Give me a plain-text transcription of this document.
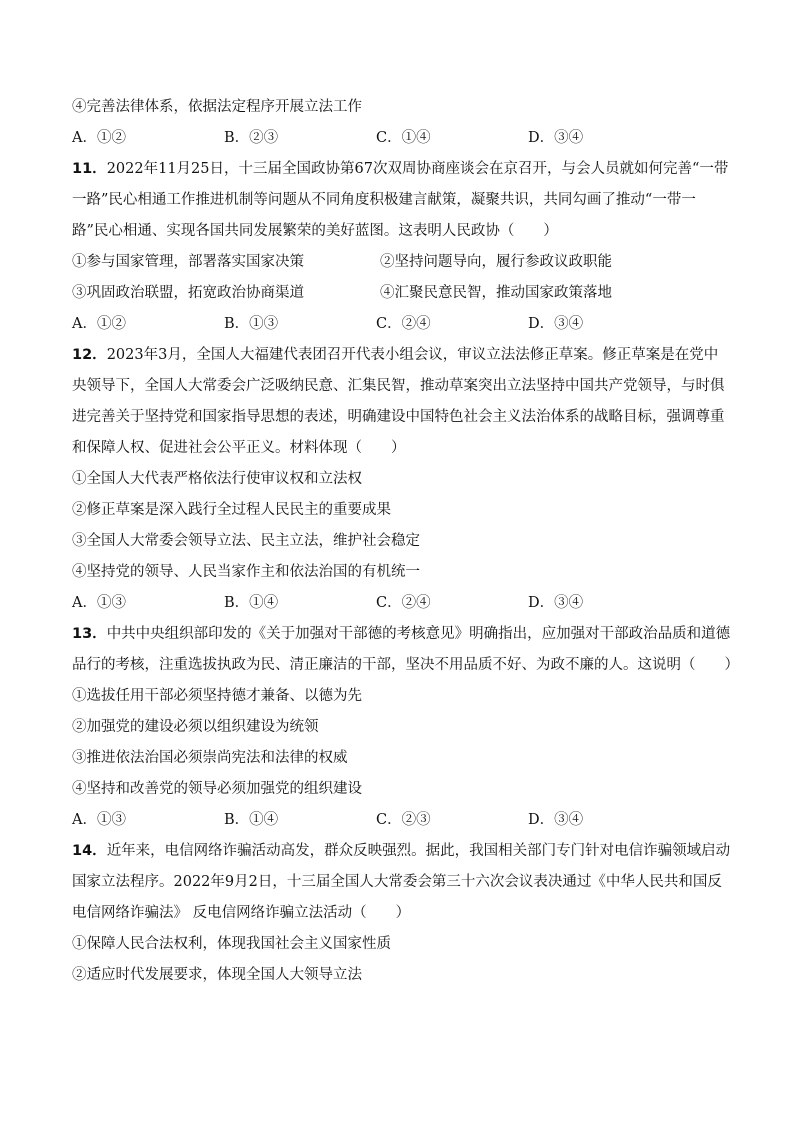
④完善法律体系，依据法定程序开展立法工作
A．①②	B．②③	C．①④	D．③④
11．2022年11月25日，十三届全国政协第67次双周协商座谈会在京召开，与会人员就如何完善“一带一路”民心相通工作推进机制等问题从不同角度积极建言献策，凝聚共识，共同勾画了推动“一带一路”民心相通、实现各国共同发展繁荣的美好蓝图。这表明人民政协（　　）
①参与国家管理，部署落实国家决策	②坚持问题导向，履行参政议政职能
③巩固政治联盟，拓宽政治协商渠道	④汇聚民意民智，推动国家政策落地
A．①②	B．①③	C．②④	D．③④
12．2023年3月，全国人大福建代表团召开代表小组会议，审议立法法修正草案。修正草案是在党中央领导下，全国人大常委会广泛吸纳民意、汇集民智，推动草案突出立法坚持中国共产党领导，与时俱进完善关于坚持党和国家指导思想的表述，明确建设中国特色社会主义法治体系的战略目标，强调尊重和保障人权、促进社会公平正义。材料体现（　　）
①全国人大代表严格依法行使审议权和立法权
②修正草案是深入践行全过程人民民主的重要成果
③全国人大常委会领导立法、民主立法，维护社会稳定
④坚持党的领导、人民当家作主和依法治国的有机统一
A．①③	B．①④	C．②④	D．③④
13．中共中央组织部印发的《关于加强对干部德的考核意见》明确指出，应加强对干部政治品质和道德品行的考核，注重选拔执政为民、清正廉洁的干部，坚决不用品质不好、为政不廉的人。这说明（　　）
①选拔任用干部必须坚持德才兼备、以德为先
②加强党的建设必须以组织建设为统领
③推进依法治国必须崇尚宪法和法律的权威
④坚持和改善党的领导必须加强党的组织建设
A．①③	B．①④	C．②③	D．③④
14．近年来，电信网络诈骗活动高发，群众反映强烈。据此，我国相关部门专门针对电信诈骗领域启动国家立法程序。2022年9月2日，十三届全国人大常委会第三十六次会议表决通过《中华人民共和国反电信网络诈骗法》 反电信网络诈骗立法活动（　　）
①保障人民合法权利，体现我国社会主义国家性质
②适应时代发展要求，体现全国人大领导立法
